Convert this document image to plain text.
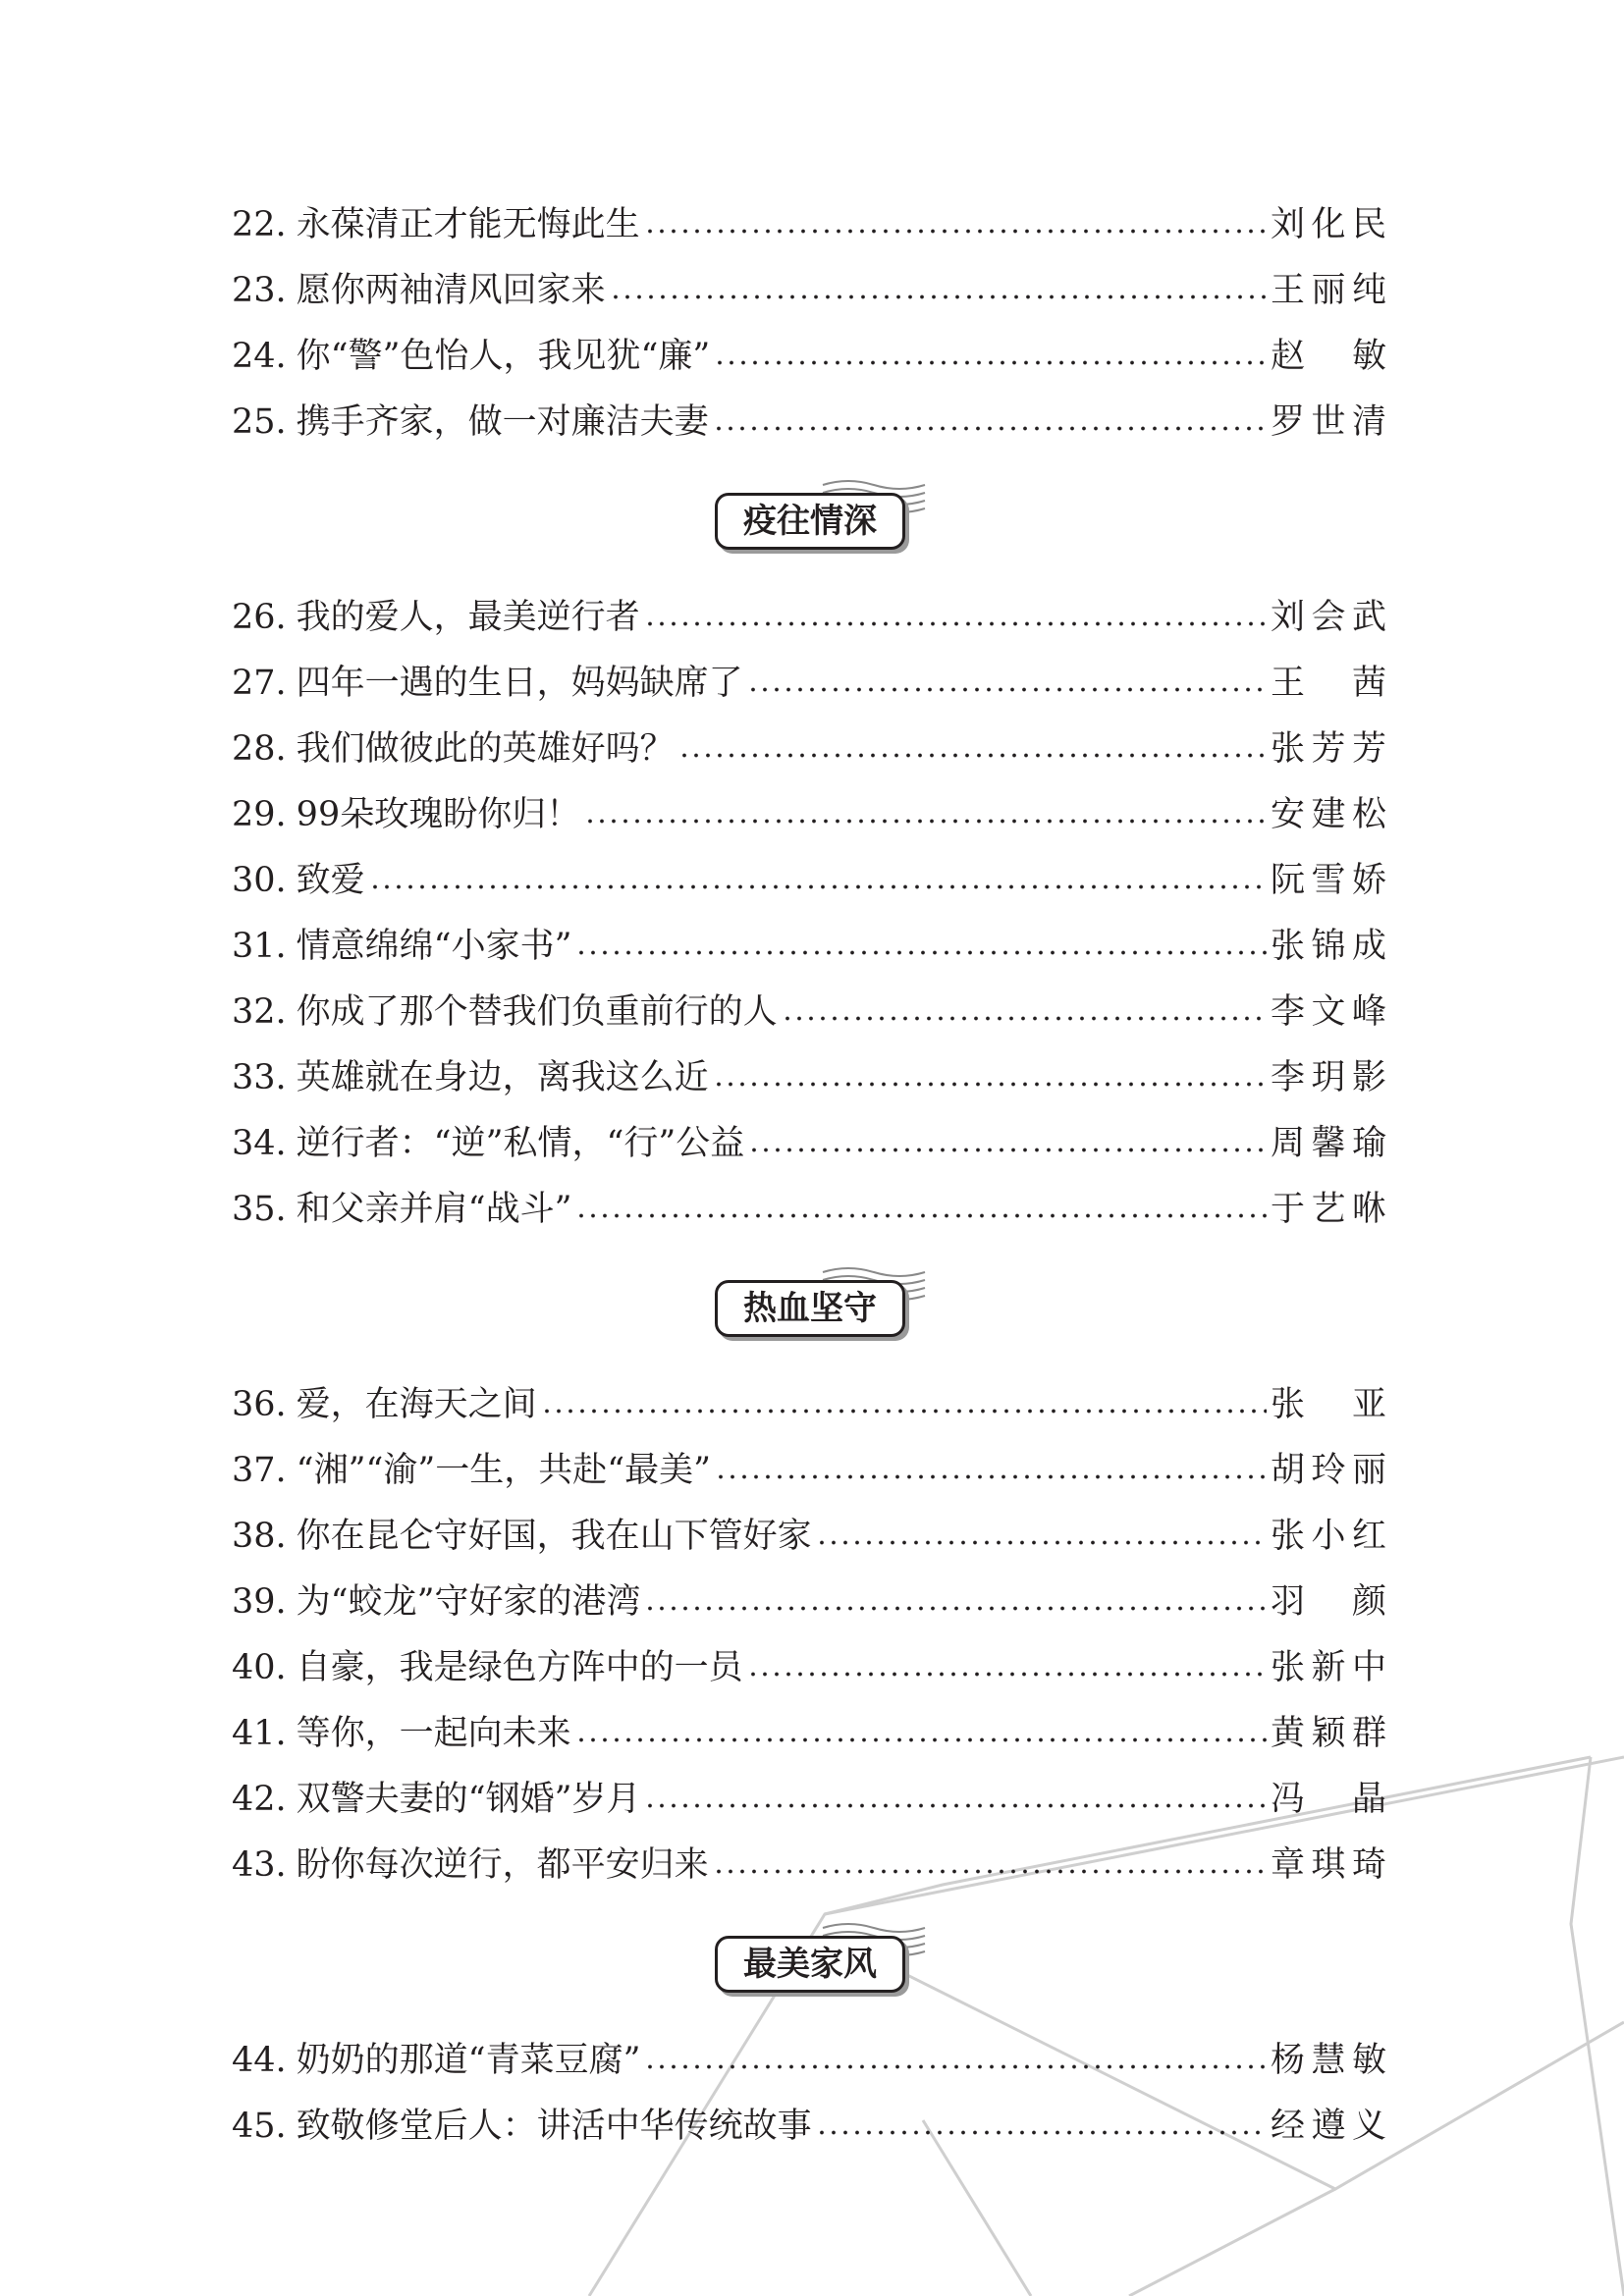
22. 永葆清正才能无悔此生	刘化民
23. 愿你两袖清风回家来	王丽纯
24. 你“警”色怡人，我见犹“廉”	赵 敏
25. 携手齐家，做一对廉洁夫妻	罗世清
疫往情深
26. 我的爱人，最美逆行者	刘会武
27. 四年一遇的生日，妈妈缺席了	王 茜
28. 我们做彼此的英雄好吗？	张芳芳
29. 99朵玫瑰盼你归！	安建松
30. 致爱	阮雪娇
31. 情意绵绵“小家书”	张锦成
32. 你成了那个替我们负重前行的人	李文峰
33. 英雄就在身边，离我这么近	李玥影
34. 逆行者：“逆”私情，“行”公益	周馨瑜
35. 和父亲并肩“战斗”	于艺咻
热血坚守
36. 爱，在海天之间	张 亚
37. “湘”“渝”一生，共赴“最美”	胡玲丽
38. 你在昆仑守好国，我在山下管好家	张小红
39. 为“蛟龙”守好家的港湾	羽 颜
40. 自豪，我是绿色方阵中的一员	张新中
41. 等你，一起向未来	黄颖群
42. 双警夫妻的“钢婚”岁月	冯 晶
43. 盼你每次逆行，都平安归来	章琪琦
最美家风
44. 奶奶的那道“青菜豆腐”	杨慧敏
45. 致敬修堂后人：讲活中华传统故事	经遵义
